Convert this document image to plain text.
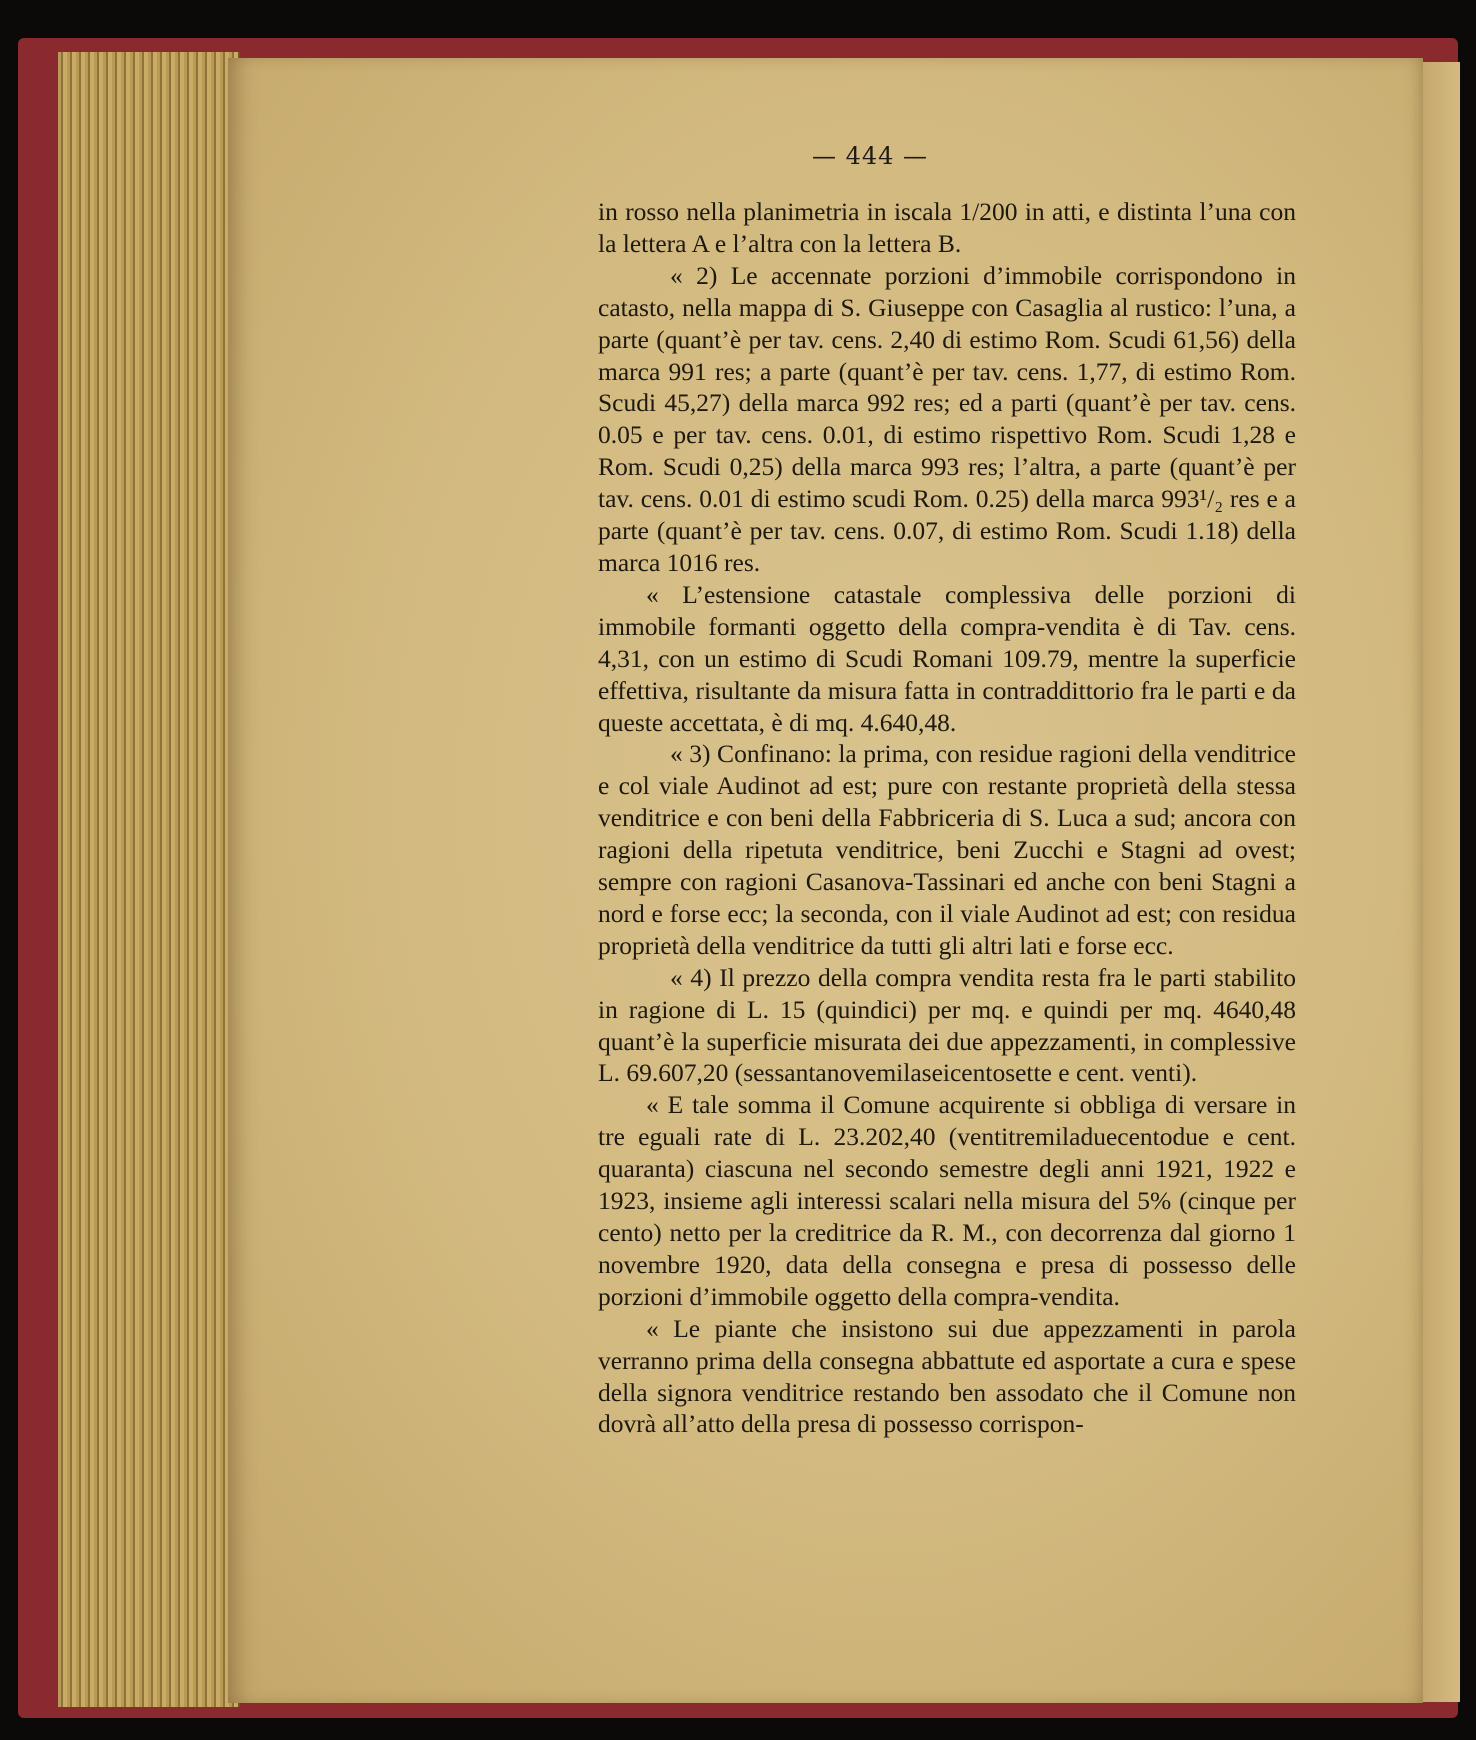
— 444 —

in rosso nella planimetria in iscala 1/200 in atti, e distinta l’una con la lettera A e l’altra con la lettera B.

« 2) Le accennate porzioni d’immobile corrispondono in catasto, nella mappa di S. Giuseppe con Casaglia al rustico: l’una, a parte (quant’è per tav. cens. 2,40 di estimo Rom. Scudi 61,56) della marca 991 res; a parte (quant’è per tav. cens. 1,77, di estimo Rom. Scudi 45,27) della marca 992 res; ed a parti (quant’è per tav. cens. 0.05 e per tav. cens. 0.01, di estimo rispettivo Rom. Scudi 1,28 e Rom. Scudi 0,25) della marca 993 res; l’altra, a parte (quant’è per tav. cens. 0.01 di estimo scudi Rom. 0.25) della marca 993¹/₂ res e a parte (quant’è per tav. cens. 0.07, di estimo Rom. Scudi 1.18) della marca 1016 res.

« L’estensione catastale complessiva delle porzioni di immobile formanti oggetto della compra-vendita è di Tav. cens. 4,31, con un estimo di Scudi Romani 109.79, mentre la superficie effettiva, risultante da misura fatta in contraddittorio fra le parti e da queste accettata, è di mq. 4.640,48.

« 3) Confinano: la prima, con residue ragioni della venditrice e col viale Audinot ad est; pure con restante proprietà della stessa venditrice e con beni della Fabbriceria di S. Luca a sud; ancora con ragioni della ripetuta venditrice, beni Zucchi e Stagni ad ovest; sempre con ragioni Casanova-Tassinari ed anche con beni Stagni a nord e forse ecc; la seconda, con il viale Audinot ad est; con residua proprietà della venditrice da tutti gli altri lati e forse ecc.

« 4) Il prezzo della compra vendita resta fra le parti stabilito in ragione di L. 15 (quindici) per mq. e quindi per mq. 4640,48 quant’è la superficie misurata dei due appezzamenti, in complessive L. 69.607,20 (sessantanovemilaseicentosette e cent. venti).

« E tale somma il Comune acquirente si obbliga di versare in tre eguali rate di L. 23.202,40 (ventitremiladuecentodue e cent. quaranta) ciascuna nel secondo semestre degli anni 1921, 1922 e 1923, insieme agli interessi scalari nella misura del 5% (cinque per cento) netto per la creditrice da R. M., con decorrenza dal giorno 1 novembre 1920, data della consegna e presa di possesso delle porzioni d’immobile oggetto della compra-vendita.

« Le piante che insistono sui due appezzamenti in parola verranno prima della consegna abbattute ed asportate a cura e spese della signora venditrice restando ben assodato che il Comune non dovrà all’atto della presa di possesso corrispon-
